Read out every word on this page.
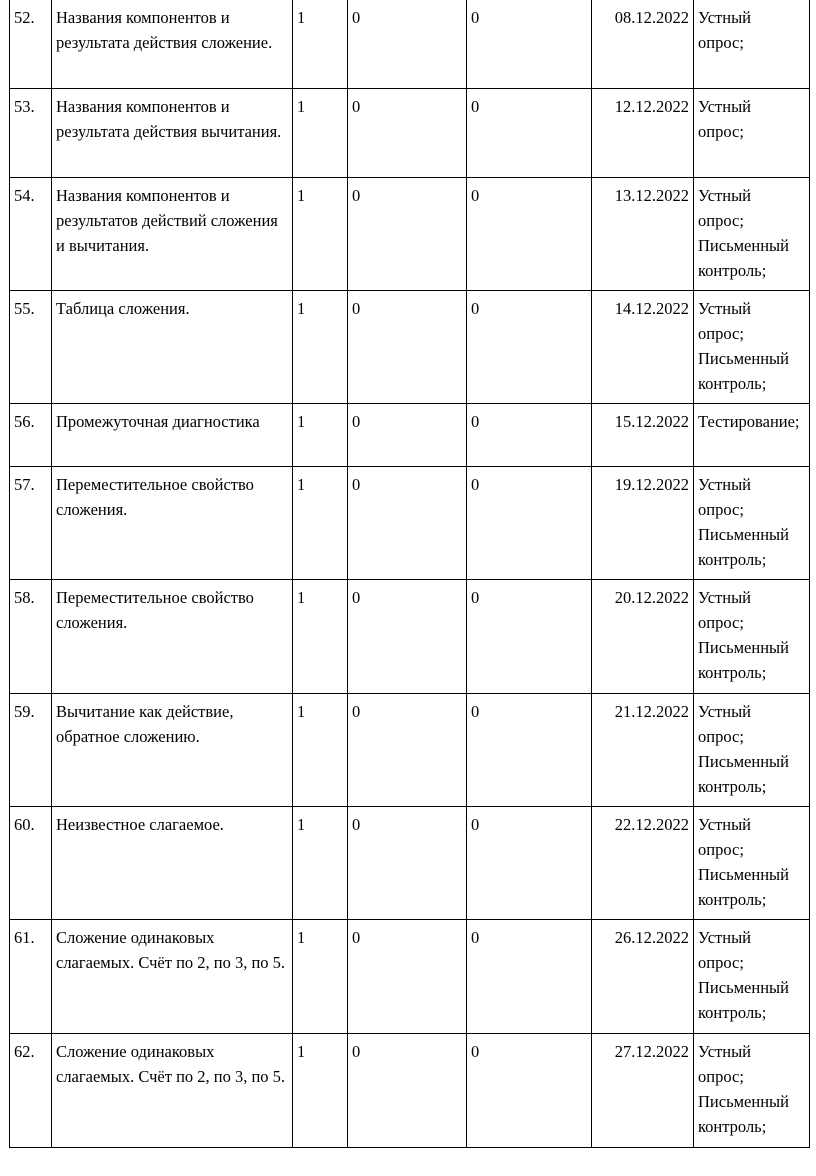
52.	Названия компонентов и результата действия сложение.	1	0	0	08.12.2022	Устный
опрос;

53.	Названия компонентов и результата действия вычитания.	1	0	0	12.12.2022	Устный
опрос;

54.	Названия компонентов и результатов действий сложения и вычитания.	1	0	0	13.12.2022	Устный
опрос;
Письменный
контроль;

55.	Таблица сложения.	1	0	0	14.12.2022	Устный
опрос;
Письменный
контроль;

56.	Промежуточная диагностика	1	0	0	15.12.2022	Тестирование;

57.	Переместительное свойство сложения.	1	0	0	19.12.2022	Устный
опрос;
Письменный
контроль;

58.	Переместительное свойство сложения.	1	0	0	20.12.2022	Устный
опрос;
Письменный
контроль;

59.	Вычитание как действие, обратное сложению.	1	0	0	21.12.2022	Устный
опрос;
Письменный
контроль;

60.	Неизвестное слагаемое.	1	0	0	22.12.2022	Устный
опрос;
Письменный
контроль;

61.	Сложение одинаковых слагаемых. Счёт по 2, по 3, по 5.	1	0	0	26.12.2022	Устный
опрос;
Письменный
контроль;

62.	Сложение одинаковых слагаемых. Счёт по 2, по 3, по 5.	1	0	0	27.12.2022	Устный
опрос;
Письменный
контроль;
